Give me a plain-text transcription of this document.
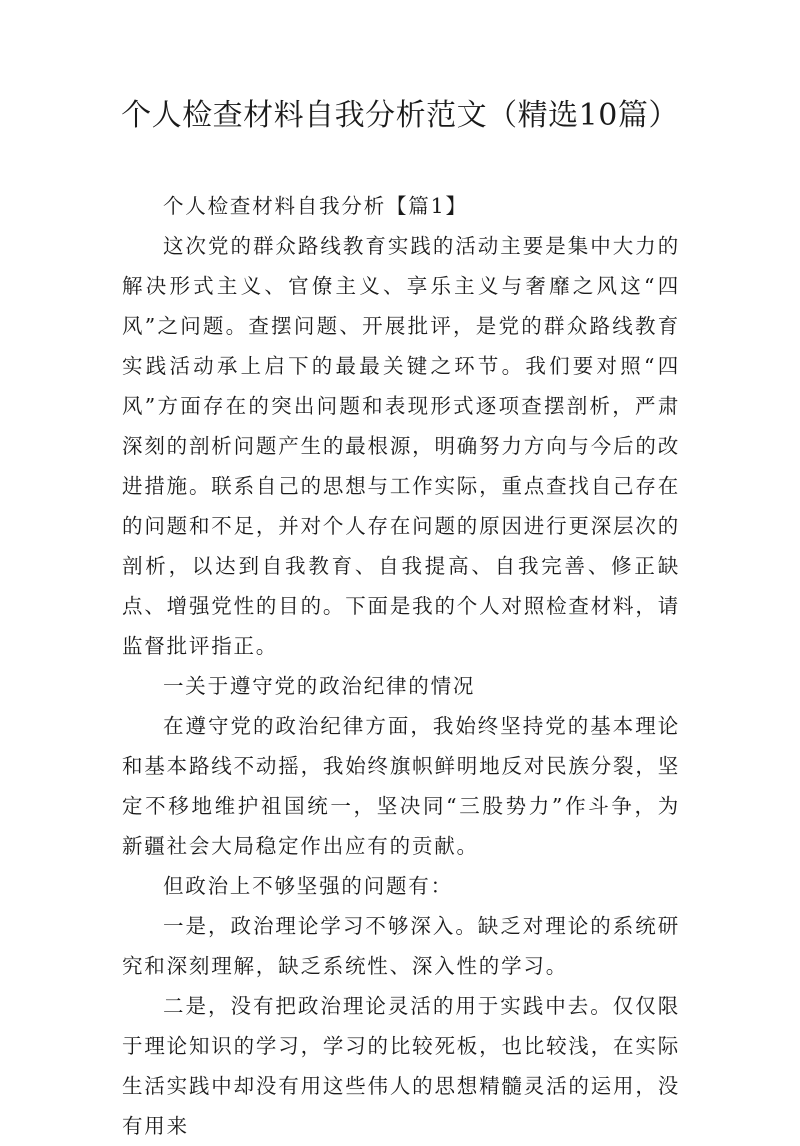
个人检查材料自我分析范文（精选10篇）

个人检查材料自我分析【篇1】

这次党的群众路线教育实践的活动主要是集中大力的解决形式主义、官僚主义、享乐主义与奢靡之风这“四风”之问题。查摆问题、开展批评，是党的群众路线教育实践活动承上启下的最最关键之环节。我们要对照“四风”方面存在的突出问题和表现形式逐项查摆剖析，严肃深刻的剖析问题产生的最根源，明确努力方向与今后的改进措施。联系自己的思想与工作实际，重点查找自己存在的问题和不足，并对个人存在问题的原因进行更深层次的剖析，以达到自我教育、自我提高、自我完善、修正缺点、增强党性的目的。下面是我的个人对照检查材料，请监督批评指正。

一关于遵守党的政治纪律的情况

在遵守党的政治纪律方面，我始终坚持党的基本理论和基本路线不动摇，我始终旗帜鲜明地反对民族分裂，坚定不移地维护祖国统一，坚决同“三股势力”作斗争，为新疆社会大局稳定作出应有的贡献。

但政治上不够坚强的问题有：

一是，政治理论学习不够深入。缺乏对理论的系统研究和深刻理解，缺乏系统性、深入性的学习。

二是，没有把政治理论灵活的用于实践中去。仅仅限于理论知识的学习，学习的比较死板，也比较浅，在实际生活实践中却没有用这些伟人的思想精髓灵活的运用，没有用来
